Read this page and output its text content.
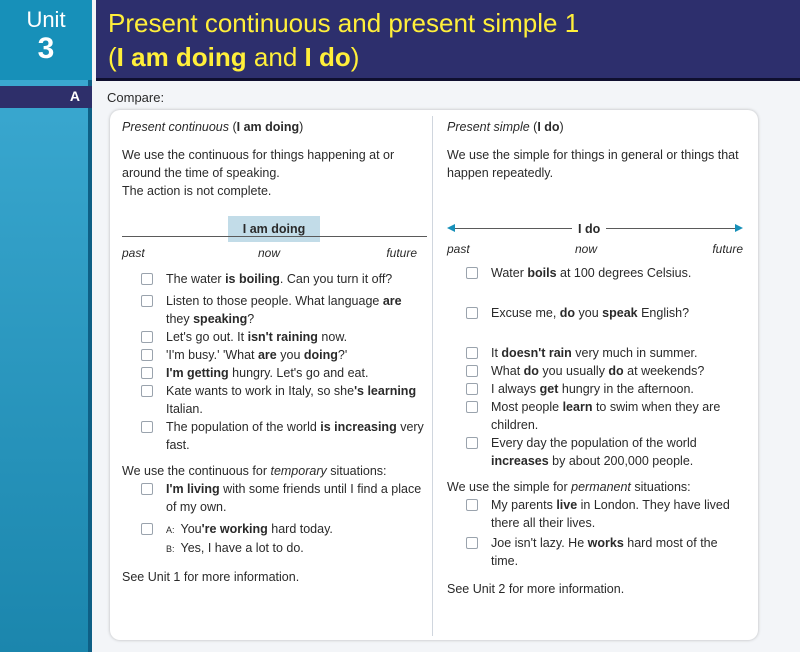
Unit
3
Present continuous and present simple 1
(I am doing and I do)
A Compare:
Present continuous (I am doing)

We use the continuous for things happening at or around the time of speaking.

The action is not complete.

I am doing
past	now	future
The water is boiling. Can you turn it off?
Listen to those people. What language are they speaking?
Let's go out. It isn't raining now.
'I'm busy.' 'What are you doing?'
I'm getting hungry. Let's go and eat.
Kate wants to work in Italy, so she's learning Italian.
The population of the world is increasing very fast.

We use the continuous for temporary situations:

I'm living with some friends until I find a place of my own.
A: You're working hard today.
B: Yes, I have a lot to do.

See Unit 1 for more information.

Present simple (I do)

We use the simple for things in general or things that happen repeatedly.

I do
past	now	future
Water boils at 100 degrees Celsius.
Excuse me, do you speak English?
It doesn't rain very much in summer.
What do you usually do at weekends?
I always get hungry in the afternoon.
Most people learn to swim when they are children.
Every day the population of the world increases by about 200,000 people.

We use the simple for permanent situations:

My parents live in London. They have lived there all their lives.
Joe isn't lazy. He works hard most of the time.

See Unit 2 for more information.
